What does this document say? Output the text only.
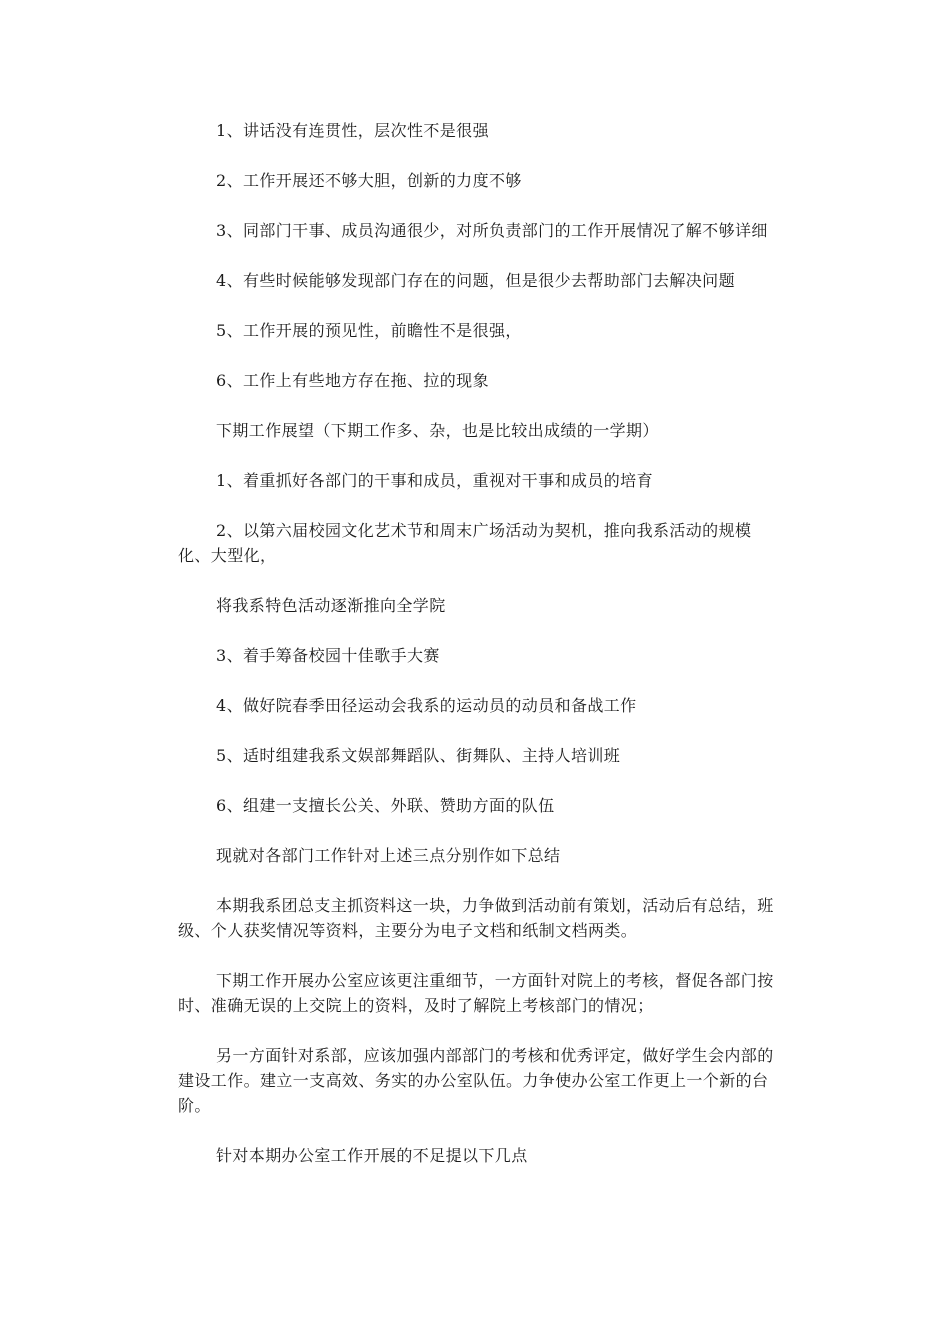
1、讲话没有连贯性，层次性不是很强

2、工作开展还不够大胆，创新的力度不够

3、同部门干事、成员沟通很少，对所负责部门的工作开展情况了解不够详细

4、有些时候能够发现部门存在的问题，但是很少去帮助部门去解决问题

5、工作开展的预见性，前瞻性不是很强，

6、工作上有些地方存在拖、拉的现象

下期工作展望（下期工作多、杂，也是比较出成绩的一学期）

1、着重抓好各部门的干事和成员，重视对干事和成员的培育

2、以第六届校园文化艺术节和周末广场活动为契机，推向我系活动的规模化、大型化，

将我系特色活动逐渐推向全学院

3、着手筹备校园十佳歌手大赛

4、做好院春季田径运动会我系的运动员的动员和备战工作

5、适时组建我系文娱部舞蹈队、街舞队、主持人培训班

6、组建一支擅长公关、外联、赞助方面的队伍

现就对各部门工作针对上述三点分别作如下总结

本期我系团总支主抓资料这一块，力争做到活动前有策划，活动后有总结，班级、个人获奖情况等资料，主要分为电子文档和纸制文档两类。

下期工作开展办公室应该更注重细节，一方面针对院上的考核，督促各部门按时、准确无误的上交院上的资料，及时了解院上考核部门的情况；

另一方面针对系部，应该加强内部部门的考核和优秀评定，做好学生会内部的建设工作。建立一支高效、务实的办公室队伍。力争使办公室工作更上一个新的台阶。

针对本期办公室工作开展的不足提以下几点
